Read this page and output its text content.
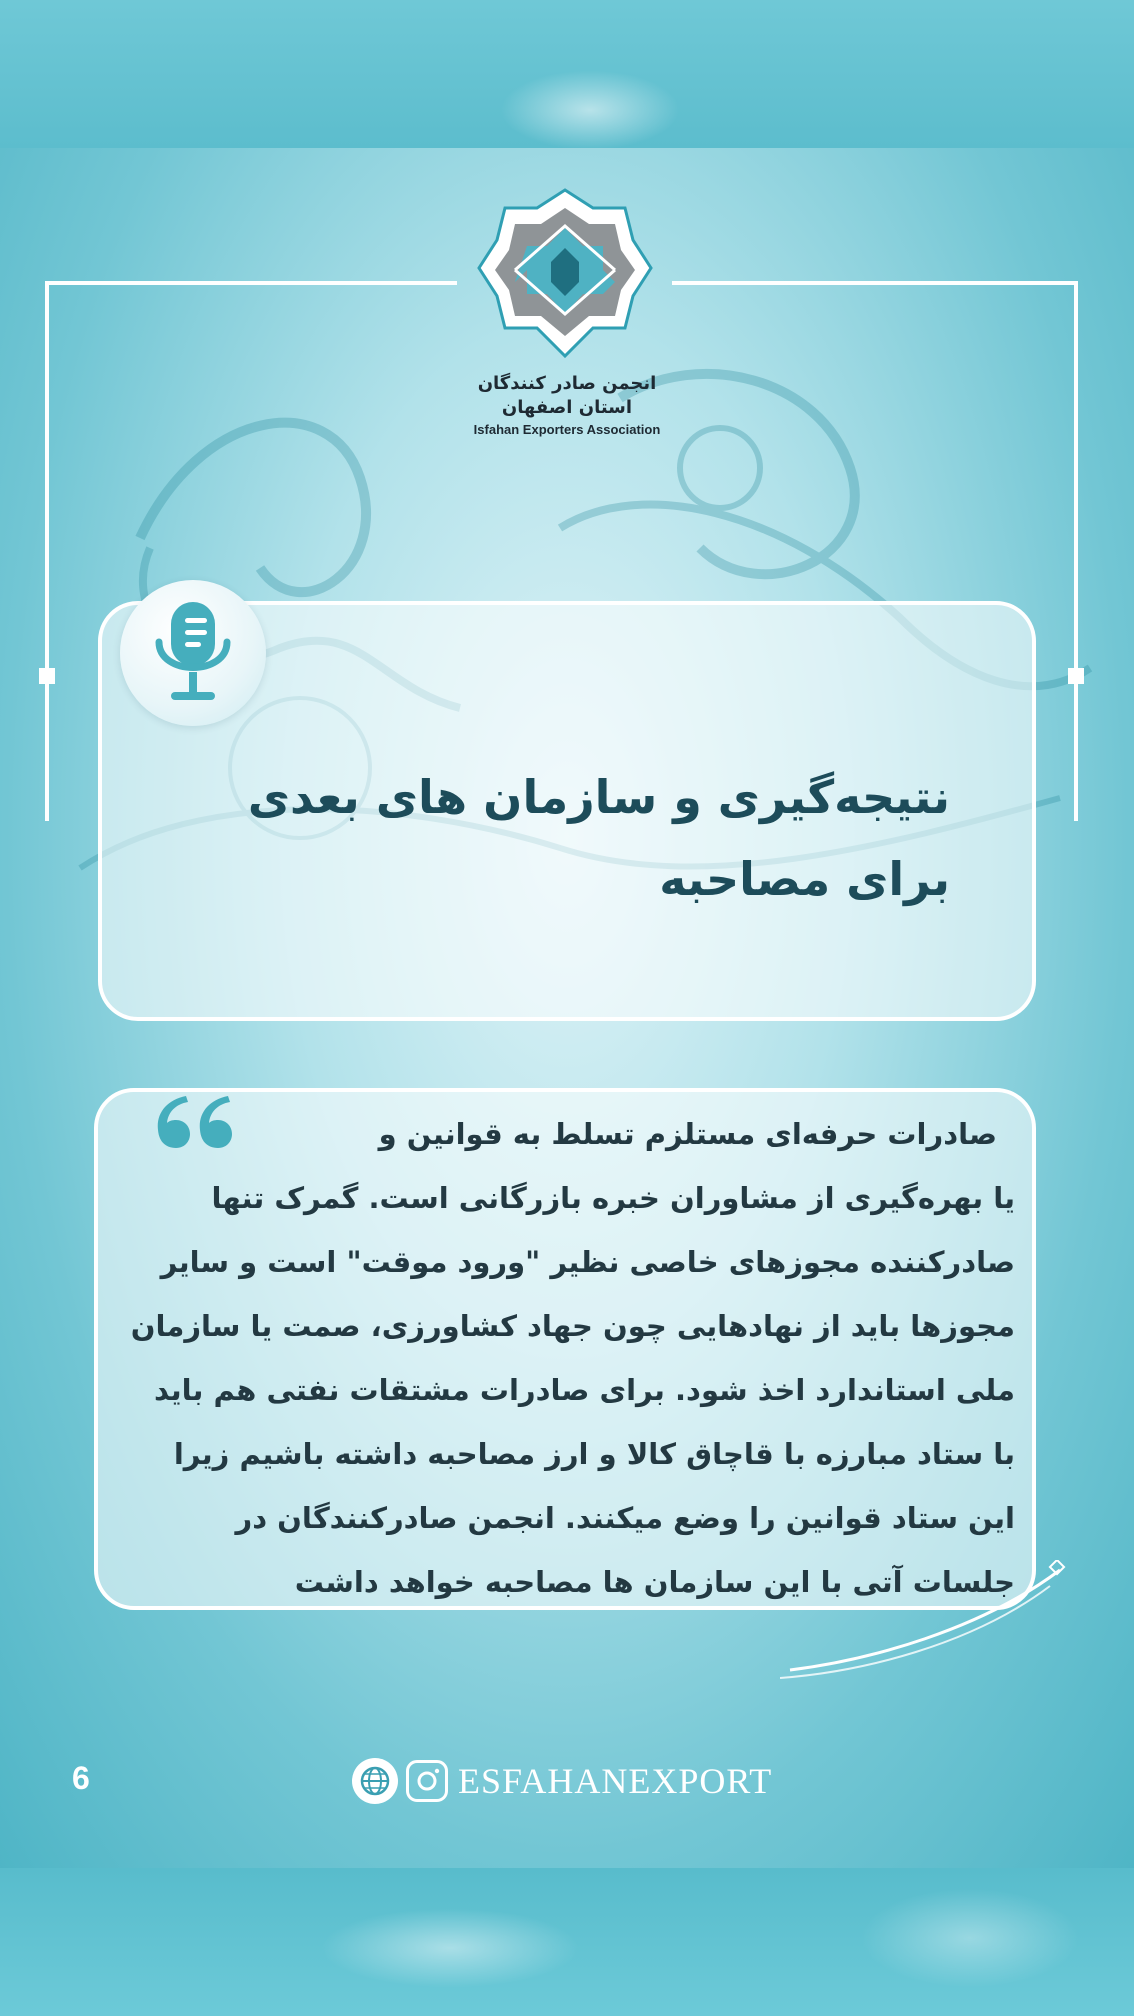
انجمن صادر کنندگان
استان اصفهان
Isfahan Exporters Association
نتیجه‌گیری و سازمان های بعدی
برای مصاحبه
صادرات حرفه‌ای مستلزم تسلط به قوانین و
یا بهره‌گیری از مشاوران خبره بازرگانی است. گمرک تنها
صادرکننده مجوزهای خاصی نظیر "ورود موقت" است و سایر
مجوزها باید از نهادهایی چون جهاد کشاورزی، صمت یا سازمان
ملی استاندارد اخذ شود. برای صادرات مشتقات نفتی هم باید
با ستاد مبارزه با قاچاق کالا و ارز مصاحبه داشته باشیم زیرا
این ستاد قوانین را وضع میکنند. انجمن صادرکنندگان در
جلسات آتی با این سازمان ها مصاحبه خواهد داشت
6	ESFAHANEXPORT
